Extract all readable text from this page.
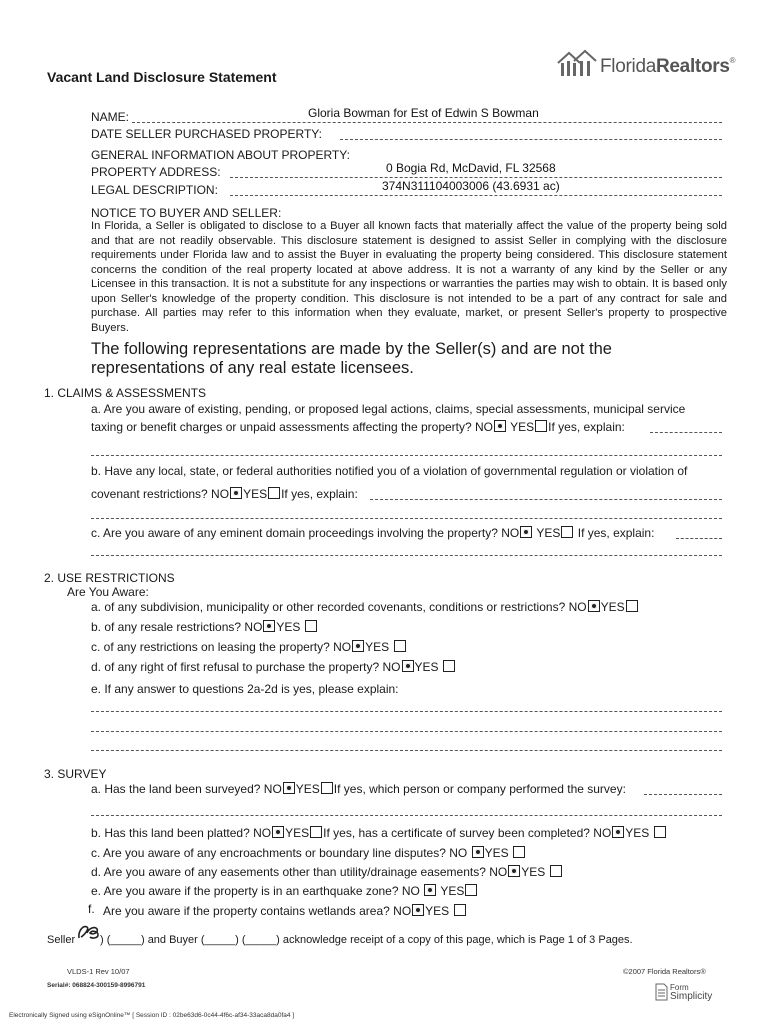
Vacant Land Disclosure Statement	FloridaRealtors®
NAME:	Gloria Bowman for Est of Edwin S Bowman
DATE SELLER PURCHASED PROPERTY:
GENERAL INFORMATION ABOUT PROPERTY:
PROPERTY ADDRESS:	0 Bogia Rd, McDavid, FL 32568
LEGAL DESCRIPTION:	374N311104003006 (43.6931 ac)
NOTICE TO BUYER AND SELLER:
In Florida, a Seller is obligated to disclose to a Buyer all known facts that materially affect the value of the property being sold and that are not readily observable. This disclosure statement is designed to assist Seller in complying with the disclosure requirements under Florida law and to assist the Buyer in evaluating the property being considered. This disclosure statement concerns the condition of the real property located at above address. It is not a warranty of any kind by the Seller or any Licensee in this transaction. It is not a substitute for any inspections or warranties the parties may wish to obtain. It is based only upon Seller's knowledge of the property condition. This disclosure is not intended to be a part of any contract for sale and purchase. All parties may refer to this information when they evaluate, market, or present Seller's property to prospective Buyers.
The following representations are made by the Seller(s) and are not the
representations of any real estate licensees.
1. CLAIMS & ASSESSMENTS
a. Are you aware of existing, pending, or proposed legal actions, claims, special assessments, municipal service
taxing or benefit charges or unpaid assessments affecting the property? NO YES If yes, explain:
b. Have any local, state, or federal authorities notified you of a violation of governmental regulation or violation of
covenant restrictions? NO YES If yes, explain:
c. Are you aware of any eminent domain proceedings involving the property? NO YES If yes, explain:
2. USE RESTRICTIONS
Are You Aware:
a. of any subdivision, municipality or other recorded covenants, conditions or restrictions? NO YES
b. of any resale restrictions? NO YES
c. of any restrictions on leasing the property? NO YES
d. of any right of first refusal to purchase the property? NO YES
e. If any answer to questions 2a-2d is yes, please explain:
3. SURVEY
a. Has the land been surveyed? NO YES If yes, which person or company performed the survey:
b. Has this land been platted? NO YES If yes, has a certificate of survey been completed? NO YES
c. Are you aware of any encroachments or boundary line disputes? NO YES
d. Are you aware of any easements other than utility/drainage easements? NO YES
e. Are you aware if the property is in an earthquake zone? NO YES
f. Are you aware if the property contains wetlands area? NO YES
Seller ) (_____) and Buyer (_____) (_____) acknowledge receipt of a copy of this page, which is Page 1 of 3 Pages.
VLDS-1 Rev 10/07	©2007 Florida Realtors®
Serial#: 068824-300159-8996791	Form
Simplicity
Electronically Signed using eSignOnline™ [ Session ID : 02be63d6-0c44-4f6c-af34-33aca8da0fa4 ]
